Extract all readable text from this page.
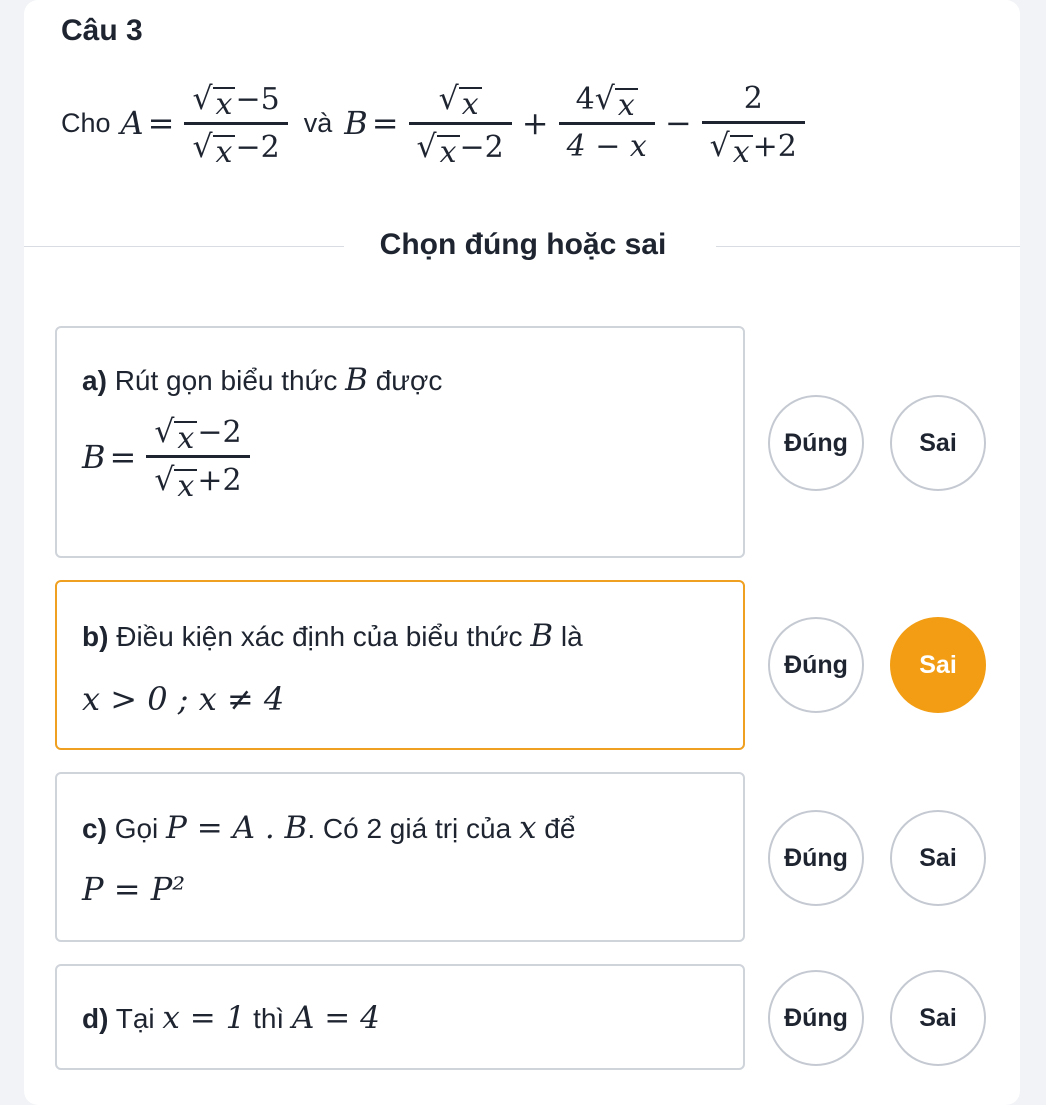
Câu 3
Cho $A = \frac{√ x -5}{√ x -2}$ và $B = \frac{√ x}{√ x -2} + \frac{4 √ x}{4 - x} - \frac{2}{√ x +2}$
Chọn đúng hoặc sai
a) Rút gọn biểu thức B được
$B = \frac{√ x -2}{√ x +2}$	Đúng	Sai
b) Điều kiện xác định của biểu thức B là
x > 0 ; x ≠ 4
Đúng	Sai
c) Gọi P = A . B. Có 2 giá trị của x để
P = P²
Đúng	Sai
d) Tại x = 1 thì A = 4	Đúng	Sai
